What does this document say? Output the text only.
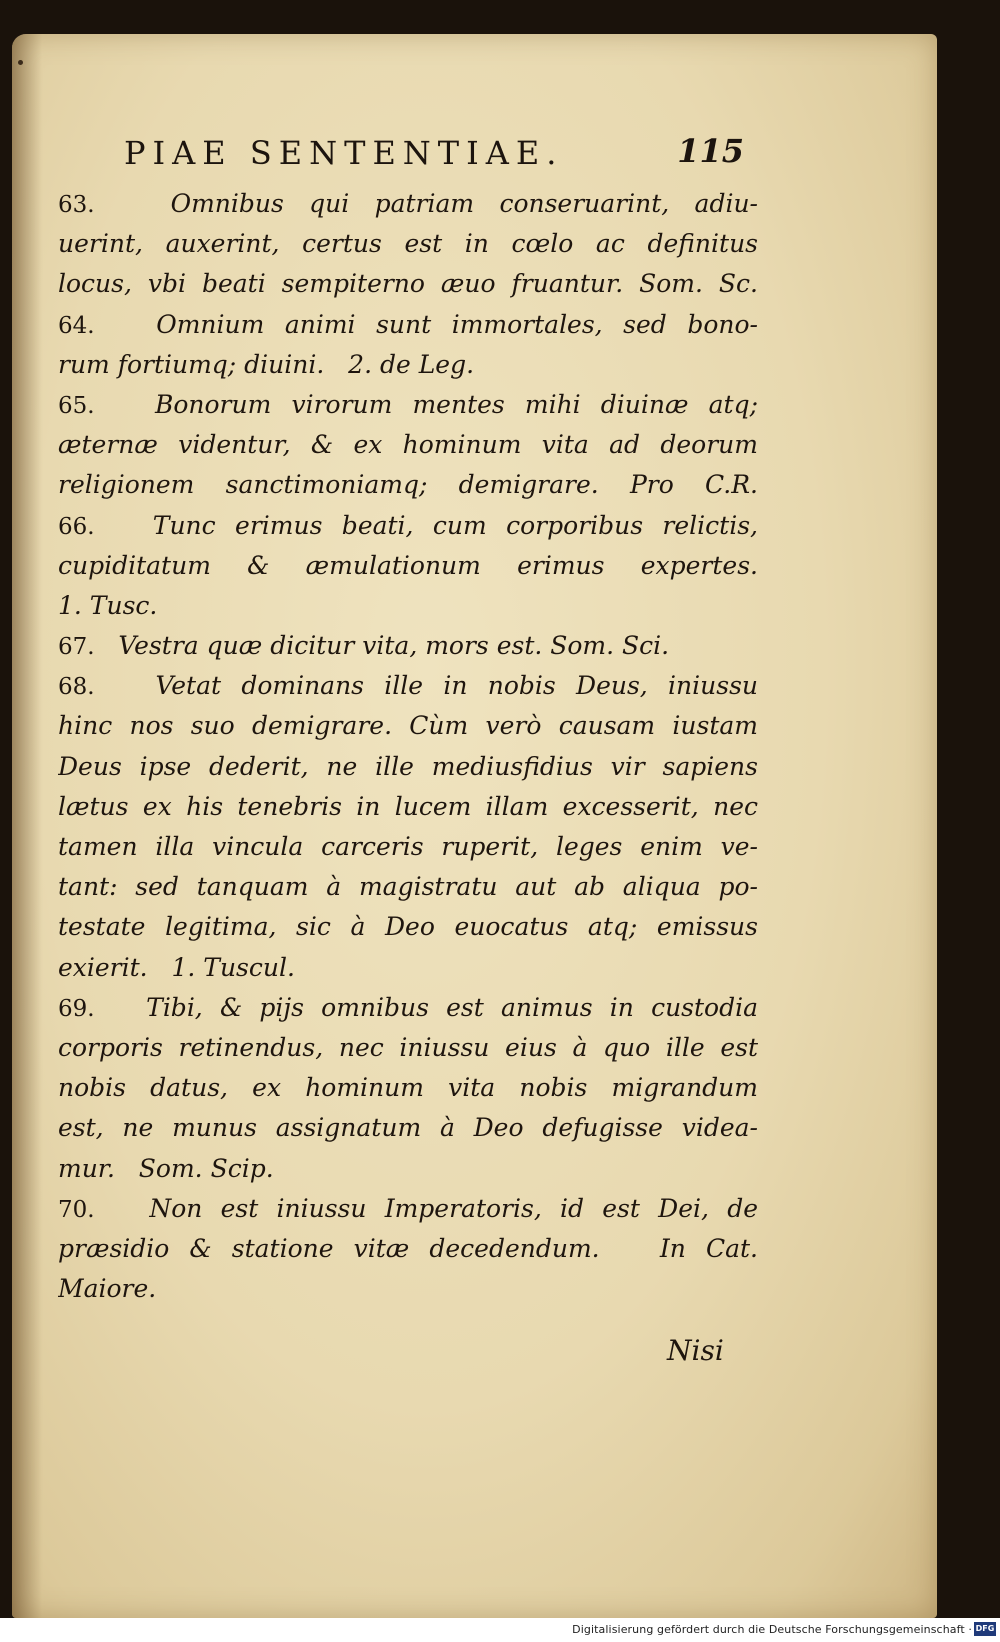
PIAE SENTENTIAE.	115
63.	Omnibus qui patriam conseruarint, adiu-
uerint, auxerint, certus est in cœlo ac definitus
locus, vbi beati sempiterno æuo fruantur. Som. Sc.
64. Omnium animi sunt immortales, sed bono-
rum fortiumq; diuini.   2. de Leg.
65. Bonorum virorum mentes mihi diuinæ atq;
æternæ videntur, & ex hominum vita ad deorum
religionem sanctimoniamq; demigrare. Pro C.R.
66. Tunc erimus beati, cum corporibus relictis,
cupiditatum & æmulationum erimus expertes.
1. Tusc.
67. Vestra quæ dicitur vita, mors est. Som. Sci.
68. Vetat dominans ille in nobis Deus, iniussu
hinc nos suo demigrare. Cùm verò causam iustam
Deus ipse dederit, ne ille mediusfidius vir sapiens
lætus ex his tenebris in lucem illam excesserit, nec
tamen illa vincula carceris ruperit, leges enim ve-
tant: sed tanquam à magistratu aut ab aliqua po-
testate legitima, sic à Deo euocatus atq; emissus
exierit.   1. Tuscul.
69. Tibi, & pijs omnibus est animus in custodia
corporis retinendus, nec iniussu eius à quo ille est
nobis datus, ex hominum vita nobis migrandum
est, ne munus assignatum à Deo defugisse videa-
mur.   Som. Scip.
70. Non est iniussu Imperatoris, id est Dei, de
præsidio & statione vitæ decedendum.   In Cat.
Maiore.
Nisi
Digitalisierung gefördert durch die Deutsche Forschungsgemeinschaft · DFG
